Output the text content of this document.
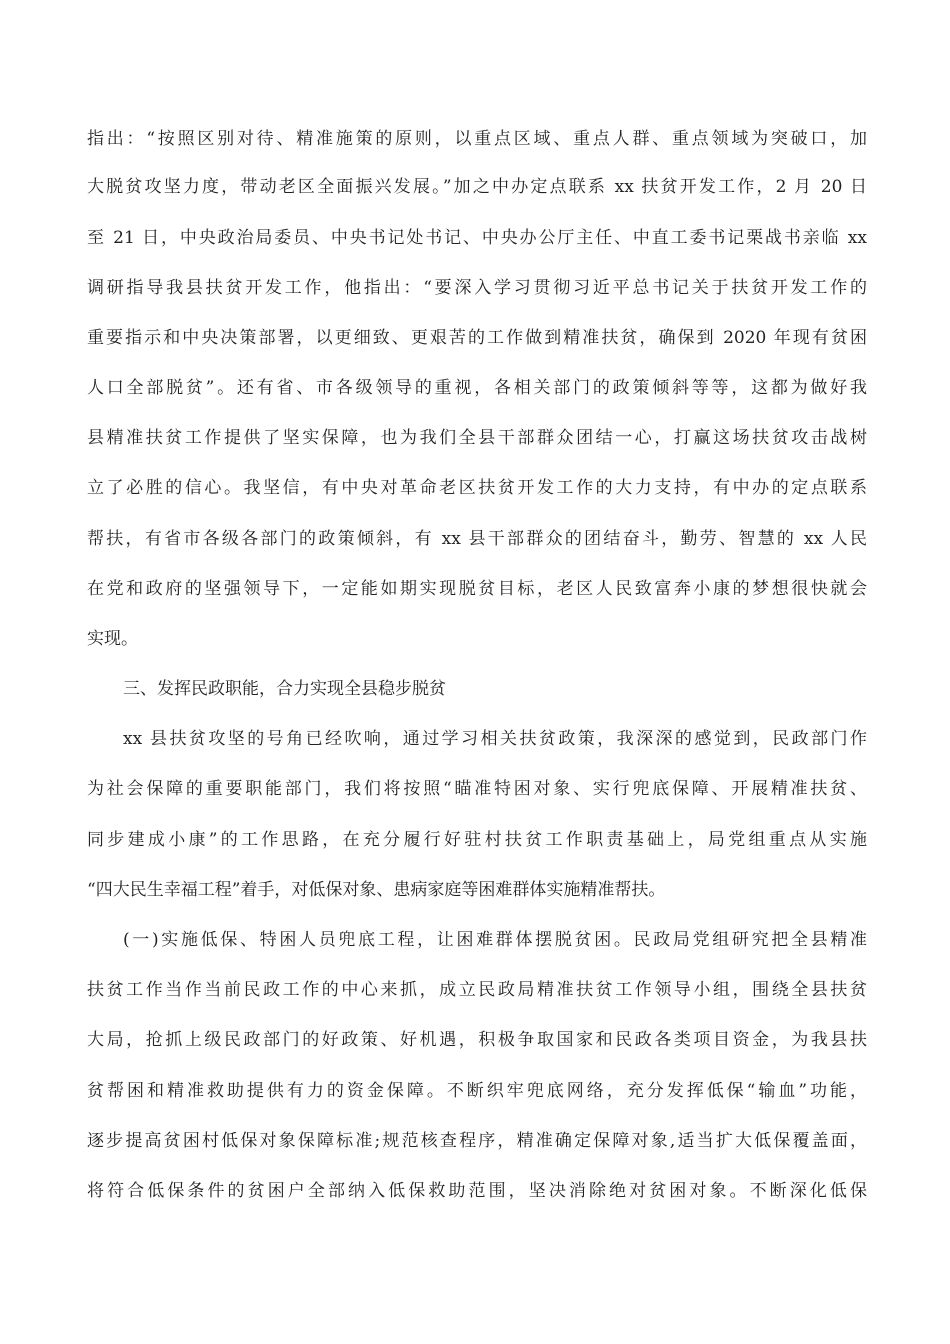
指出：“按照区别对待、精准施策的原则，以重点区域、重点人群、重点领域为突破口，加
大脱贫攻坚力度，带动老区全面振兴发展。”加之中办定点联系 xx 扶贫开发工作，2 月 20 日
至 21 日，中央政治局委员、中央书记处书记、中央办公厅主任、中直工委书记栗战书亲临 xx
调研指导我县扶贫开发工作，他指出：“要深入学习贯彻习近平总书记关于扶贫开发工作的
重要指示和中央决策部署，以更细致、更艰苦的工作做到精准扶贫，确保到 2020 年现有贫困
人口全部脱贫”。还有省、市各级领导的重视，各相关部门的政策倾斜等等，这都为做好我
县精准扶贫工作提供了坚实保障，也为我们全县干部群众团结一心，打赢这场扶贫攻击战树
立了必胜的信心。我坚信，有中央对革命老区扶贫开发工作的大力支持，有中办的定点联系
帮扶，有省市各级各部门的政策倾斜，有 xx 县干部群众的团结奋斗，勤劳、智慧的 xx 人民
在党和政府的坚强领导下，一定能如期实现脱贫目标，老区人民致富奔小康的梦想很快就会
实现。
三、发挥民政职能，合力实现全县稳步脱贫
xx 县扶贫攻坚的号角已经吹响，通过学习相关扶贫政策，我深深的感觉到，民政部门作
为社会保障的重要职能部门，我们将按照“瞄准特困对象、实行兜底保障、开展精准扶贫、
同步建成小康”的工作思路，在充分履行好驻村扶贫工作职责基础上，局党组重点从实施
“四大民生幸福工程”着手，对低保对象、患病家庭等困难群体实施精准帮扶。
(一)实施低保、特困人员兜底工程，让困难群体摆脱贫困。民政局党组研究把全县精准
扶贫工作当作当前民政工作的中心来抓，成立民政局精准扶贫工作领导小组，围绕全县扶贫
大局，抢抓上级民政部门的好政策、好机遇，积极争取国家和民政各类项目资金，为我县扶
贫帮困和精准救助提供有力的资金保障。不断织牢兜底网络，充分发挥低保“输血”功能，
逐步提高贫困村低保对象保障标准;规范核查程序，精准确定保障对象,适当扩大低保覆盖面，
将符合低保条件的贫困户全部纳入低保救助范围，坚决消除绝对贫困对象。不断深化低保
